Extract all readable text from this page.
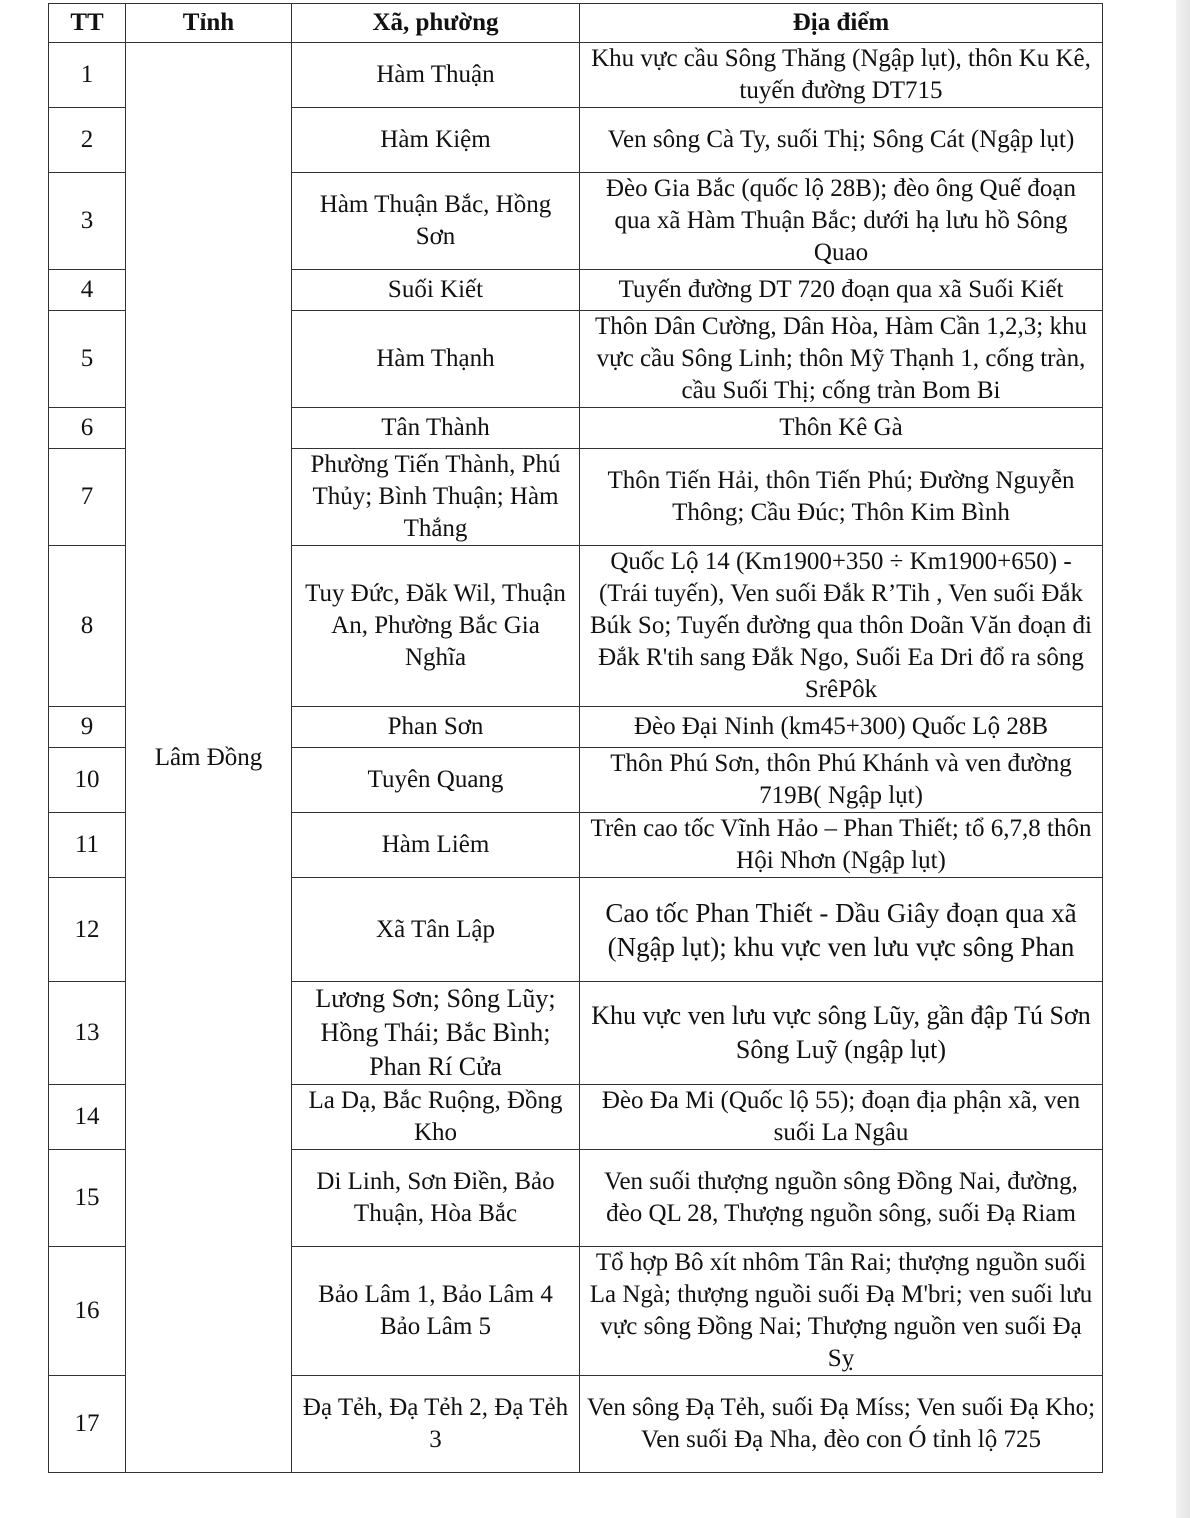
TT	Tỉnh	Xã, phường	Địa điểm
1	Lâm Đồng	Hàm Thuận	Khu vực cầu Sông Thăng (Ngập lụt), thôn Ku Kê, tuyến đường DT715
2		Hàm Kiệm	Ven sông Cà Ty, suối Thị; Sông Cát (Ngập lụt)
3		Hàm Thuận Bắc, Hồng Sơn	Đèo Gia Bắc (quốc lộ 28B); đèo ông Quế đoạn qua xã Hàm Thuận Bắc; dưới hạ lưu hồ Sông Quao
4		Suối Kiết	Tuyến đường DT 720 đoạn qua xã Suối Kiết
5		Hàm Thạnh	Thôn Dân Cường, Dân Hòa, Hàm Cần 1,2,3; khu vực cầu Sông Linh; thôn Mỹ Thạnh 1, cống tràn, cầu Suối Thị; cống tràn Bom Bi
6		Tân Thành	Thôn Kê Gà
7		Phường Tiến Thành, Phú Thủy; Bình Thuận; Hàm Thắng	Thôn Tiến Hải, thôn Tiến Phú; Đường Nguyễn Thông; Cầu Đúc; Thôn Kim Bình
8		Tuy Đức, Đăk Wil, Thuận An, Phường Bắc Gia Nghĩa	Quốc Lộ 14 (Km1900+350 ÷ Km1900+650) - (Trái tuyến), Ven suối Đắk R’Tih , Ven suối Đắk Búk So; Tuyến đường qua thôn Doãn Văn đoạn đi Đắk R'tih sang Đắk Ngo, Suối Ea Dri đổ ra sông SrêPôk
9		Phan Sơn	Đèo Đại Ninh (km45+300) Quốc Lộ 28B
10		Tuyên Quang	Thôn Phú Sơn, thôn Phú Khánh và ven đường 719B( Ngập lụt)
11		Hàm Liêm	Trên cao tốc Vĩnh Hảo – Phan Thiết; tổ 6,7,8 thôn Hội Nhơn (Ngập lụt)
12		Xã Tân Lập	Cao tốc Phan Thiết - Dầu Giây đoạn qua xã (Ngập lụt); khu vực ven lưu vực sông Phan
13		Lương Sơn; Sông Lũy; Hồng Thái; Bắc Bình; Phan Rí Cửa	Khu vực ven lưu vực sông Lũy, gần đập Tú Sơn Sông Luỹ (ngập lụt)
14		La Dạ, Bắc Ruộng, Đồng Kho	Đèo Đa Mi (Quốc lộ 55); đoạn địa phận xã, ven suối La Ngâu
15		Di Linh, Sơn Điền, Bảo Thuận, Hòa Bắc	Ven suối thượng nguồn sông Đồng Nai, đường, đèo QL 28, Thượng nguồn sông, suối Đạ Riam
16		Bảo Lâm 1, Bảo Lâm 4 Bảo Lâm 5	Tổ hợp Bô xít nhôm Tân Rai; thượng nguồn suối La Ngà; thượng nguồi suối Đạ M'bri; ven suối lưu vực sông Đồng Nai; Thượng nguồn ven suối Đạ Sỵ
17		Đạ Tẻh, Đạ Tẻh 2, Đạ Tẻh 3	Ven sông Đạ Tẻh, suối Đạ Míss; Ven suối Đạ Kho; Ven suối Đạ Nha, đèo con Ó tỉnh lộ 725
